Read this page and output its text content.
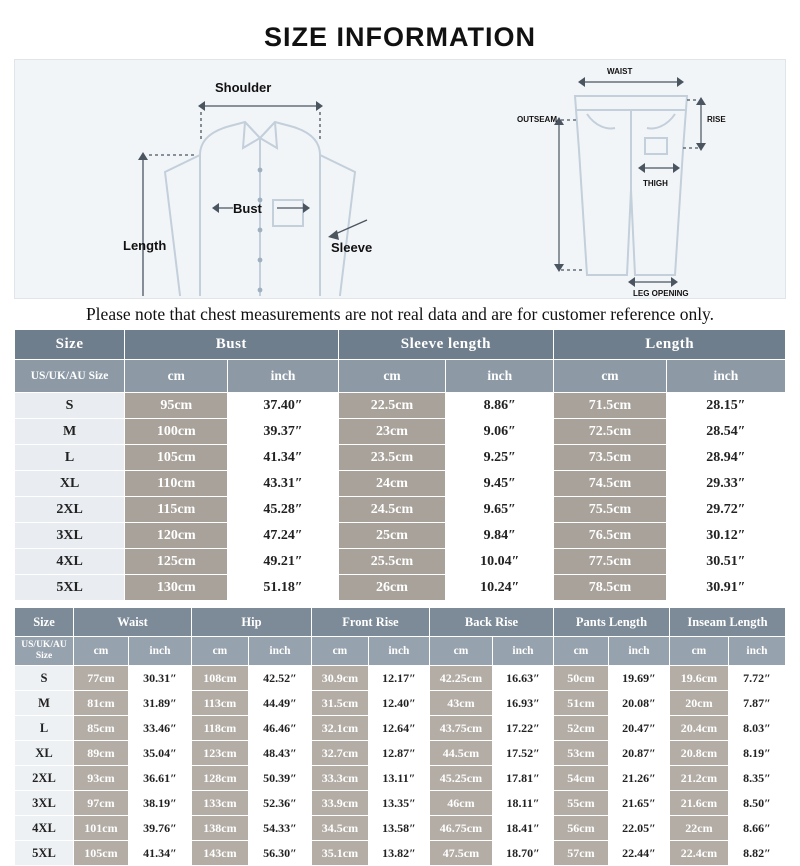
SIZE INFORMATION
Shoulder
Bust
Length	Sleeve
WAIST
RISE
OUTSEAM
THIGH
LEG OPENING
Please note that chest measurements are not real data and are for customer reference only.
Size	Bust		Sleeve length		Length	
US/UK/AU Size	cm	inch	cm	inch	cm	inch
S	95cm	37.40″	22.5cm	8.86″	71.5cm	28.15″
M	100cm	39.37″	23cm	9.06″	72.5cm	28.54″
L	105cm	41.34″	23.5cm	9.25″	73.5cm	28.94″
XL	110cm	43.31″	24cm	9.45″	74.5cm	29.33″
2XL	115cm	45.28″	24.5cm	9.65″	75.5cm	29.72″
3XL	120cm	47.24″	25cm	9.84″	76.5cm	30.12″
4XL	125cm	49.21″	25.5cm	10.04″	77.5cm	30.51″
5XL	130cm	51.18″	26cm	10.24″	78.5cm	30.91″
Size	Waist		Hip		Front Rise		Back Rise		Pants Length		Inseam Length	
US/UK/AU Size	cm	inch	cm	inch	cm	inch	cm	inch	cm	inch	cm	inch
S	77cm	30.31″	108cm	42.52″	30.9cm	12.17″	42.25cm	16.63″	50cm	19.69″	19.6cm	7.72″
M	81cm	31.89″	113cm	44.49″	31.5cm	12.40″	43cm	16.93″	51cm	20.08″	20cm	7.87″
L	85cm	33.46″	118cm	46.46″	32.1cm	12.64″	43.75cm	17.22″	52cm	20.47″	20.4cm	8.03″
XL	89cm	35.04″	123cm	48.43″	32.7cm	12.87″	44.5cm	17.52″	53cm	20.87″	20.8cm	8.19″
2XL	93cm	36.61″	128cm	50.39″	33.3cm	13.11″	45.25cm	17.81″	54cm	21.26″	21.2cm	8.35″
3XL	97cm	38.19″	133cm	52.36″	33.9cm	13.35″	46cm	18.11″	55cm	21.65″	21.6cm	8.50″
4XL	101cm	39.76″	138cm	54.33″	34.5cm	13.58″	46.75cm	18.41″	56cm	22.05″	22cm	8.66″
5XL	105cm	41.34″	143cm	56.30″	35.1cm	13.82″	47.5cm	18.70″	57cm	22.44″	22.4cm	8.82″
